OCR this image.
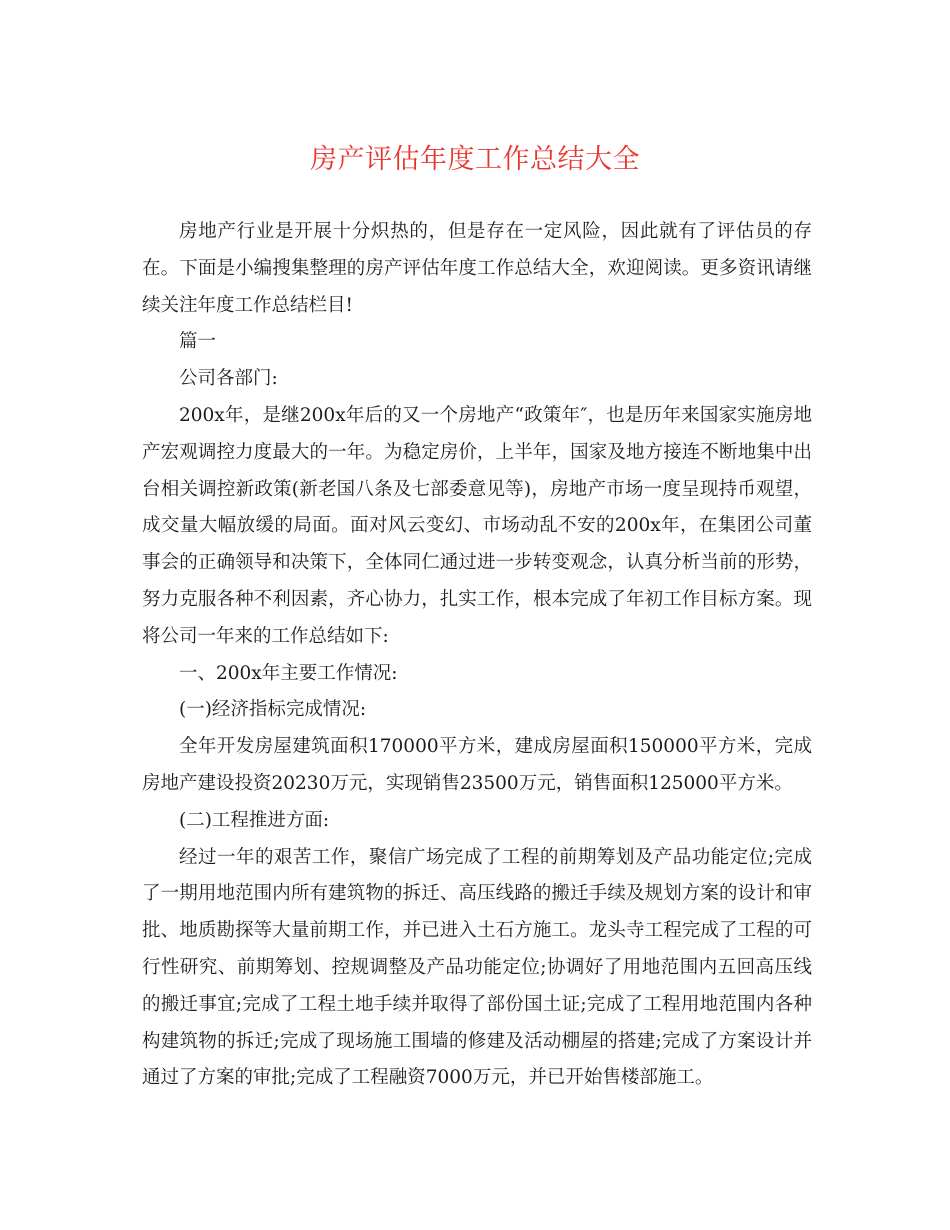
房产评估年度工作总结大全

房地产行业是开展十分炽热的，但是存在一定风险，因此就有了评估员的存在。下面是小编搜集整理的房产评估年度工作总结大全，欢迎阅读。更多资讯请继续关注年度工作总结栏目!

篇一

公司各部门:

200x年，是继200x年后的又一个房地产“政策年″，也是历年来国家实施房地产宏观调控力度最大的一年。为稳定房价，上半年，国家及地方接连不断地集中出台相关调控新政策(新老国八条及七部委意见等)，房地产市场一度呈现持币观望，成交量大幅放缓的局面。面对风云变幻、市场动乱不安的200x年，在集团公司董事会的正确领导和决策下，全体同仁通过进一步转变观念，认真分析当前的形势，努力克服各种不利因素，齐心协力，扎实工作，根本完成了年初工作目标方案。现将公司一年来的工作总结如下:

一、200x年主要工作情况:

(一)经济指标完成情况:

全年开发房屋建筑面积170000平方米，建成房屋面积150000平方米，完成房地产建设投资20230万元，实现销售23500万元，销售面积125000平方米。

(二)工程推进方面:

经过一年的艰苦工作，聚信广场完成了工程的前期筹划及产品功能定位;完成了一期用地范围内所有建筑物的拆迁、高压线路的搬迁手续及规划方案的设计和审批、地质勘探等大量前期工作，并已进入土石方施工。龙头寺工程完成了工程的可行性研究、前期筹划、控规调整及产品功能定位;协调好了用地范围内五回高压线的搬迁事宜;完成了工程土地手续并取得了部份国土证;完成了工程用地范围内各种构建筑物的拆迁;完成了现场施工围墙的修建及活动棚屋的搭建;完成了方案设计并通过了方案的审批;完成了工程融资7000万元，并已开始售楼部施工。
